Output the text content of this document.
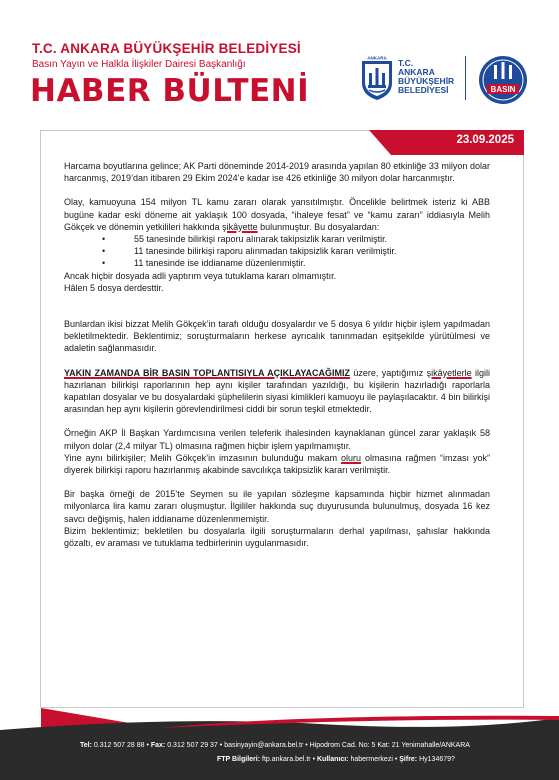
T.C. ANKARA BÜYÜKŞEHİR BELEDİYESİ
Basın Yayın ve Halkla İlişkiler Dairesi Başkanlığı
HABER BÜLTENİ
ANKARA T.C.
ANKARA
BÜYÜKŞEHİR
BELEDİYESİ	BASIN
23.09.2025

Harcama boyutlarına gelince; AK Parti döneminde 2014-2019 arasında yapılan 80 etkinliğe 33 milyon dolar harcanmış, 2019’dan itibaren 29 Ekim 2024’e kadar ise 426 etkinliğe 30 milyon dolar harcanmıştır.

Olay, kamuoyuna 154 milyon TL kamu zararı olarak yansıtılmıştır. Öncelikle belirtmek isteriz ki ABB bugüne kadar eski döneme ait yaklaşık 100 dosyada, “ihaleye fesat” ve “kamu zararı” iddiasıyla Melih Gökçek ve dönemin yetkilileri hakkında şikâyette bulunmuştur. Bu dosyalardan:

•	55 tanesinde bilirkişi raporu alınarak takipsizlik kararı verilmiştir.

•	11 tanesinde bilirkişi raporu alınmadan takipsizlik kararı verilmiştir.

•	11 tanesinde ise iddianame düzenlenmiştir.

Ancak hiçbir dosyada adli yaptırım veya tutuklama kararı olmamıştır.

Hâlen 5 dosya derdesttir.

Bunlardan ikisi bizzat Melih Gökçek’in tarafı olduğu dosyalardır ve 5 dosya 6 yıldır hiçbir işlem yapılmadan bekletilmektedir. Beklentimiz; soruşturmaların herkese ayrıcalık tanınmadan eşitşekilde yürütülmesi ve adaletin sağlanmasıdır.

YAKIN ZAMANDA BİR BASIN TOPLANTISIYLA AÇIKLAYACAĞIMIZ üzere, yaptığımız şikâyetlerle ilgili hazırlanan bilirkişi raporlarının hep aynı kişiler tarafından yazıldığı, bu kişilerin hazırladığı raporlarla kapatılan dosyalar ve bu dosyalardaki şüphelilerin siyasi kimlikleri kamuoyu ile paylaşılacaktır. 4 bin bilirkişi arasından hep aynı kişilerin görevlendirilmesi ciddi bir sorun teşkil etmektedir.

Örneğin AKP İl Başkan Yardımcısına verilen teleferik ihalesinden kaynaklanan güncel zarar yaklaşık 58 milyon dolar (2,4 milyar TL) olmasına rağmen hiçbir işlem yapılmamıştır.

Yine aynı bilirkişiler; Melih Gökçek’in imzasının bulunduğu makam oluru olmasına rağmen “imzası yok” diyerek bilirkişi raporu hazırlanmış akabinde savcılıkça takipsizlik kararı verilmiştir.

Bir başka örneği de 2015’te Seymen su ile yapılan sözleşme kapsamında hiçbir hizmet alınmadan milyonlarca lira kamu zararı oluşmuştur. İlgililer hakkında suç duyurusunda bulunulmuş, dosyada 16 kez savcı değişmiş, halen iddianame düzenlenmemiştir.

Bizim beklentimiz; bekletilen bu dosyalarla ilgili soruşturmaların derhal yapılması, şahıslar hakkında gözaltı, ev araması ve tutuklama tedbirlerinin uygulanmasıdır.

Tel: 0.312 507 28 88 • Fax: 0.312 507 29 37 • basinyayin@ankara.bel.tr • Hipodrom Cad. No: 5 Kat: 21 Yenimahalle/ANKARA
FTP Bilgileri: ftp.ankara.bel.tr • Kullanıcı: habermerkezi • Şifre: Hy134679?
